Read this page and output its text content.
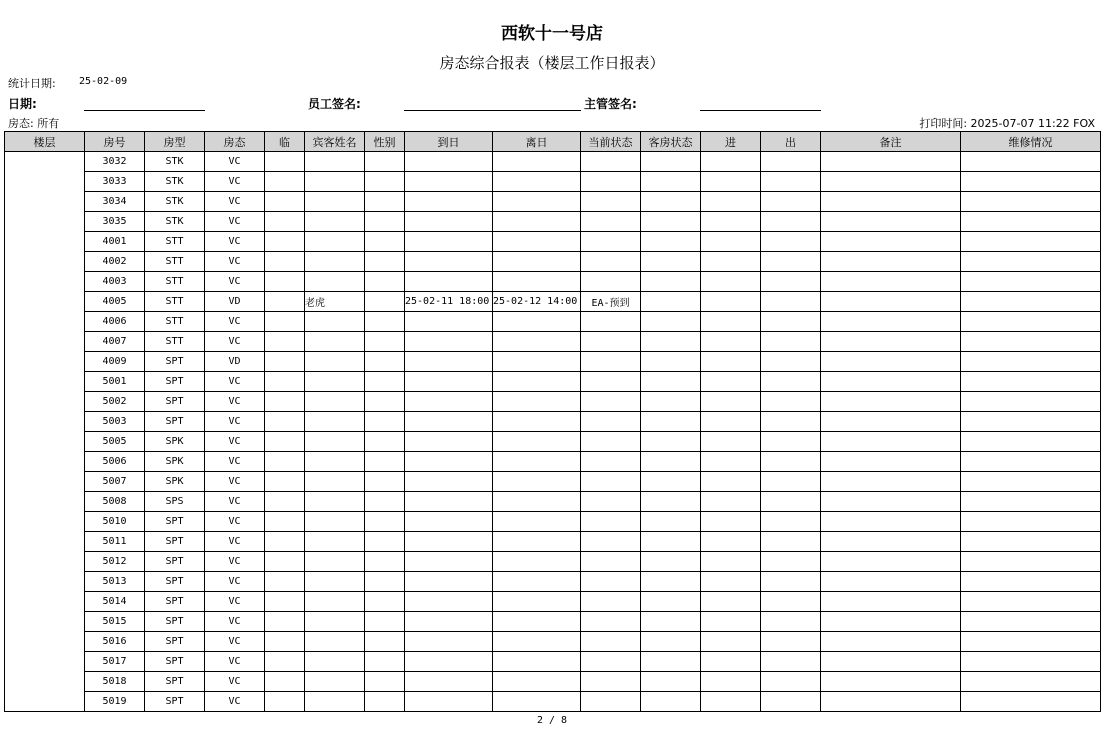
西软十一号店
房态综合报表（楼层工作日报表）
统计日期: 25-02-09
日期:	员工签名:	主管签名:
房态: 所有	打印时间: 2025-07-07 11:22 FOX
楼层	房号	房型	房态	临	宾客姓名	性别	到日	离日	当前状态	客房状态	进	出	备注	维修情况
	3032	STK	VC											
	3033	STK	VC											
	3034	STK	VC											
	3035	STK	VC											
	4001	STT	VC											
	4002	STT	VC											
	4003	STT	VC											
	4005	STT	VD		老虎		25-02-11 18:00	25-02-12 14:00	EA-预到					
	4006	STT	VC											
	4007	STT	VC											
	4009	SPT	VD											
	5001	SPT	VC											
	5002	SPT	VC											
	5003	SPT	VC											
	5005	SPK	VC											
	5006	SPK	VC											
	5007	SPK	VC											
	5008	SPS	VC											
	5010	SPT	VC											
	5011	SPT	VC											
	5012	SPT	VC											
	5013	SPT	VC											
	5014	SPT	VC											
	5015	SPT	VC											
	5016	SPT	VC											
	5017	SPT	VC											
	5018	SPT	VC											
	5019	SPT	VC											
2 / 8
